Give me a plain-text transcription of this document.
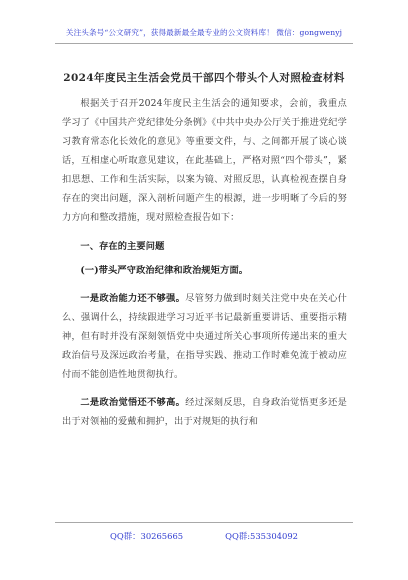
关注头条号“公文研究”，获得最新最全最专业的公文资料库！ 微信：gongwenyj
2024年度民主生活会党员干部四个带头个人对照检查材料

根据关于召开2024年度民主生活会的通知要求，会前，我重点学习了《中国共产党纪律处分条例》《中共中央办公厅关于推进党纪学习教育常态化长效化的意见》等重要文件，与、之间都开展了谈心谈话，互相虚心听取意见建议，在此基础上，严格对照“四个带头”，紧扣思想、工作和生活实际，以案为镜、对照反思，认真检视查摆自身存在的突出问题，深入剖析问题产生的根源，进一步明晰了今后的努力方向和整改措施，现对照检查报告如下：

一、存在的主要问题

(一)带头严守政治纪律和政治规矩方面。

一是政治能力还不够强。尽管努力做到时刻关注党中央在关心什么、强调什么，持续跟进学习习近平书记最新重要讲话、重要指示精神，但有时并没有深刻领悟党中央通过所关心事项所传递出来的重大政治信号及深远政治考量，在指导实践、推动工作时难免流于被动应付而不能创造性地贯彻执行。

二是政治觉悟还不够高。经过深刻反思，自身政治觉悟更多还是出于对领袖的爱戴和拥护，出于对规矩的执行和

QQ群：30265665	QQ群:535304092
